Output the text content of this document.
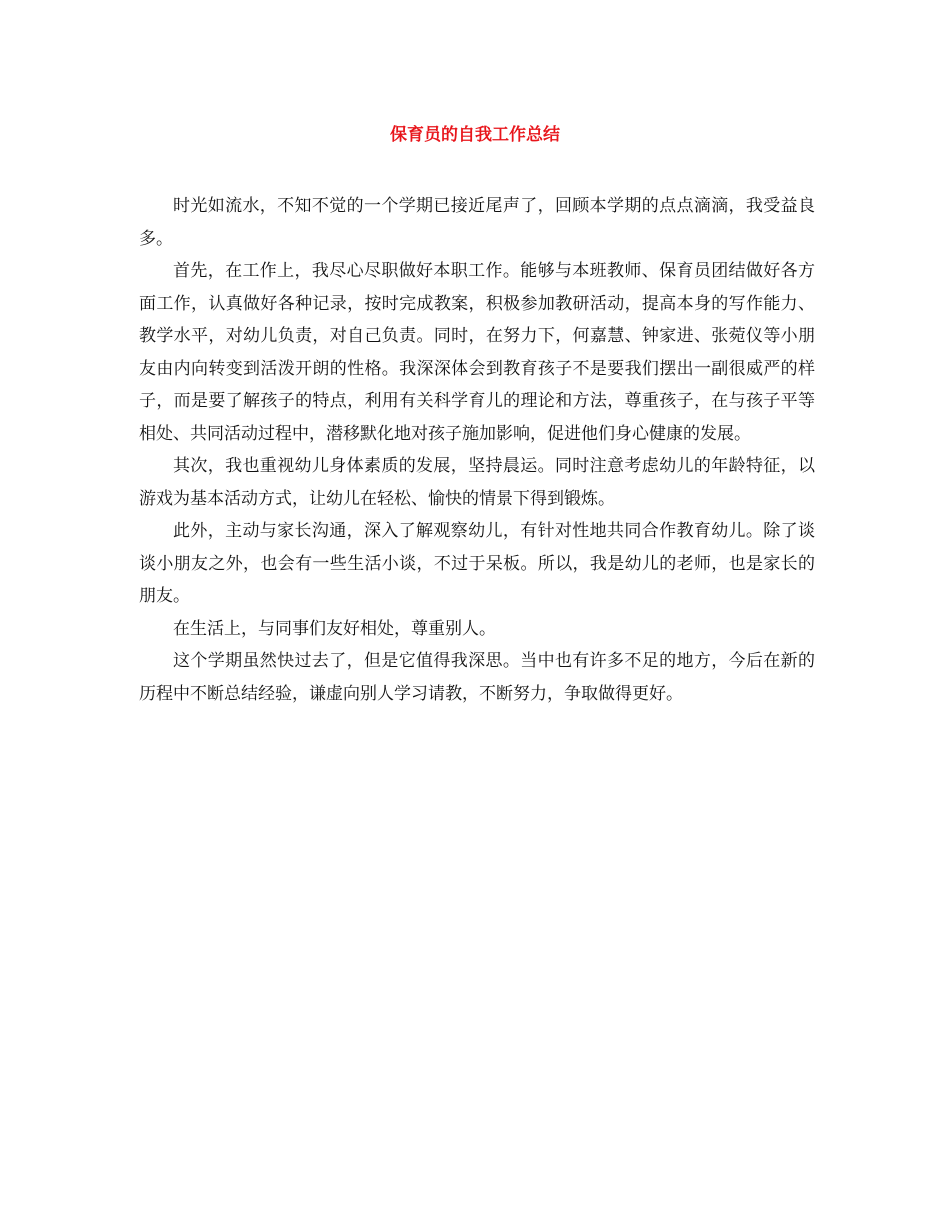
保育员的自我工作总结

时光如流水，不知不觉的一个学期已接近尾声了，回顾本学期的点点滴滴，我受益良多。

首先，在工作上，我尽心尽职做好本职工作。能够与本班教师、保育员团结做好各方面工作，认真做好各种记录，按时完成教案，积极参加教研活动，提高本身的写作能力、教学水平，对幼儿负责，对自己负责。同时，在努力下，何嘉慧、钟家进、张菀仪等小朋友由内向转变到活泼开朗的性格。我深深体会到教育孩子不是要我们摆出一副很威严的样子，而是要了解孩子的特点，利用有关科学育儿的理论和方法，尊重孩子，在与孩子平等相处、共同活动过程中，潜移默化地对孩子施加影响，促进他们身心健康的发展。

其次，我也重视幼儿身体素质的发展，坚持晨运。同时注意考虑幼儿的年龄特征，以游戏为基本活动方式，让幼儿在轻松、愉快的情景下得到锻炼。

此外，主动与家长沟通，深入了解观察幼儿，有针对性地共同合作教育幼儿。除了谈谈小朋友之外，也会有一些生活小谈，不过于呆板。所以，我是幼儿的老师，也是家长的朋友。

在生活上，与同事们友好相处，尊重别人。

这个学期虽然快过去了，但是它值得我深思。当中也有许多不足的地方，今后在新的历程中不断总结经验，谦虚向别人学习请教，不断努力，争取做得更好。
